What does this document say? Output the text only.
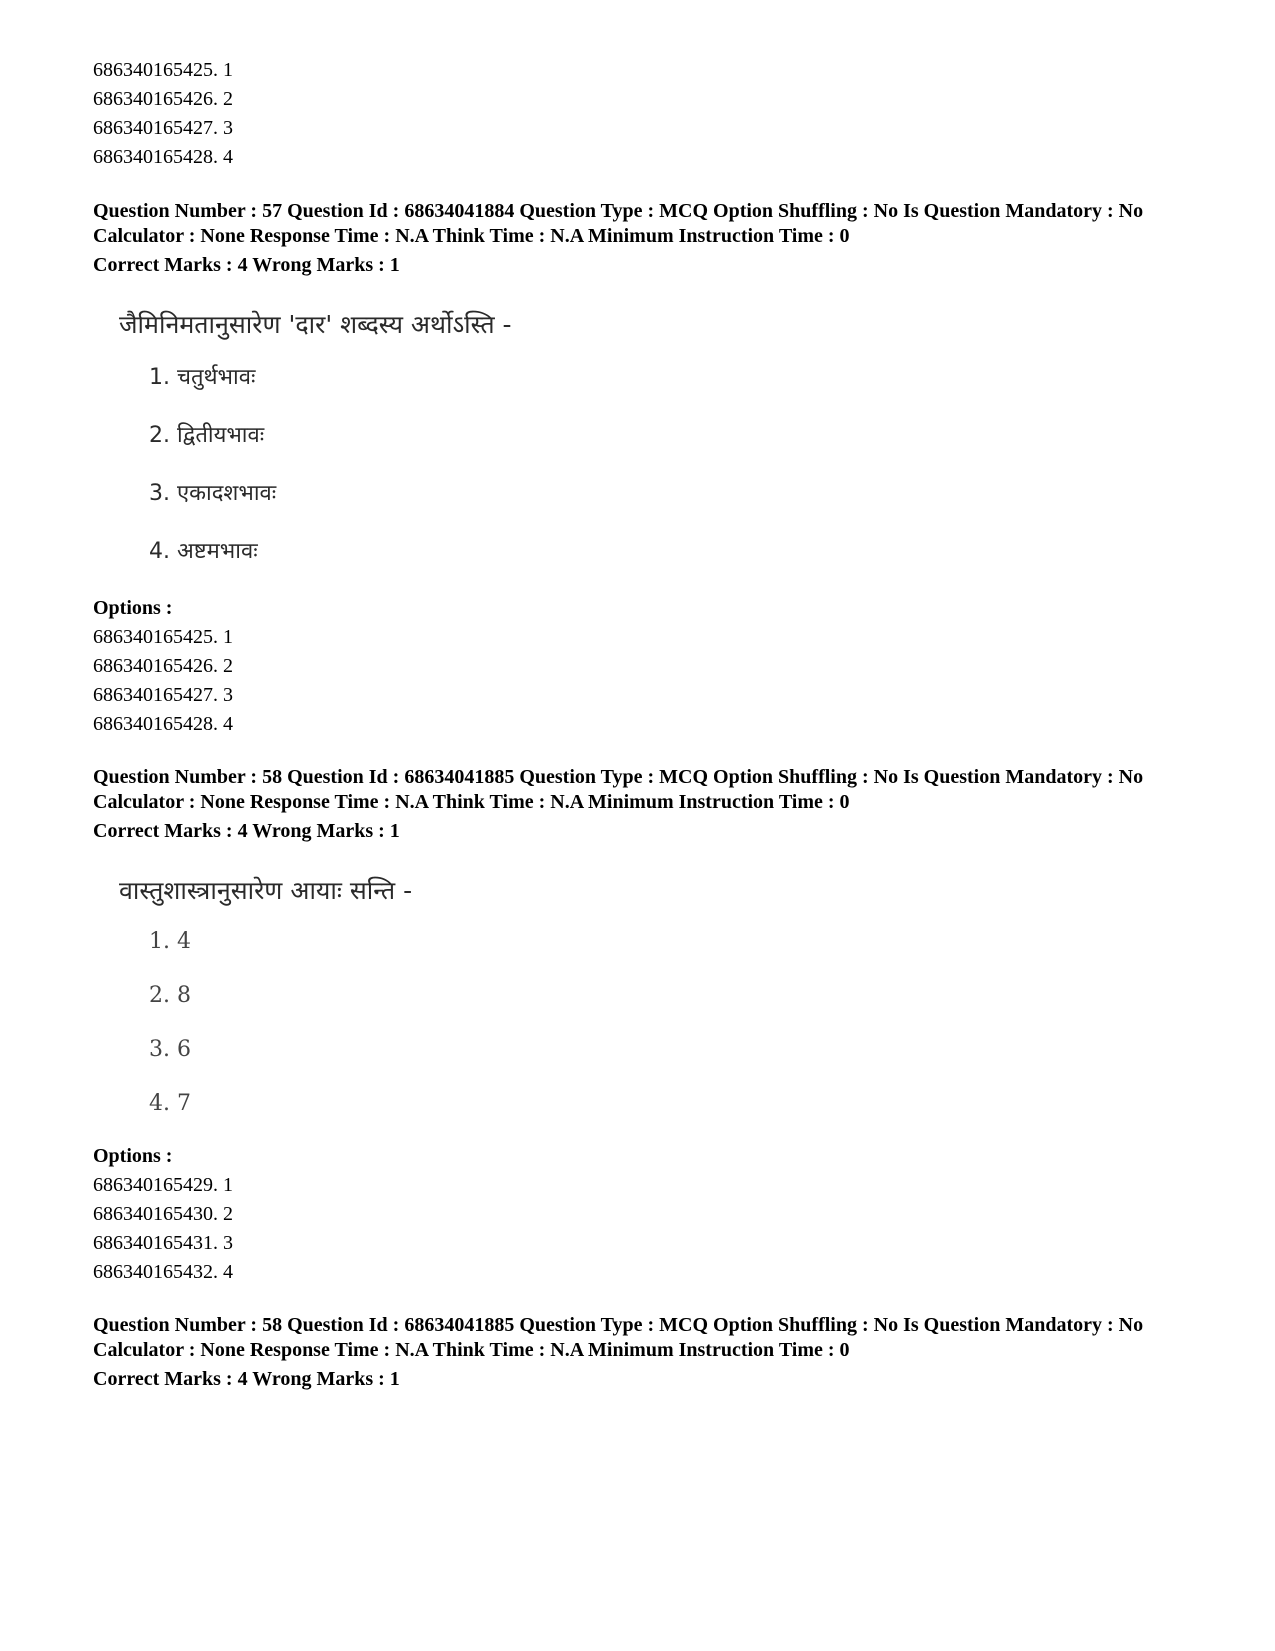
686340165425. 1
686340165426. 2
686340165427. 3
686340165428. 4
Question Number : 57 Question Id : 68634041884 Question Type : MCQ Option Shuffling : No Is Question Mandatory : No Calculator : None Response Time : N.A Think Time : N.A Minimum Instruction Time : 0
Correct Marks : 4 Wrong Marks : 1
जैमिनिमतानुसारेण 'दार' शब्दस्य अर्थोऽस्ति -
1. चतुर्थभावः
2. द्वितीयभावः
3. एकादशभावः
4. अष्टमभावः
Options :
686340165425. 1
686340165426. 2
686340165427. 3
686340165428. 4
Question Number : 58 Question Id : 68634041885 Question Type : MCQ Option Shuffling : No Is Question Mandatory : No Calculator : None Response Time : N.A Think Time : N.A Minimum Instruction Time : 0
Correct Marks : 4 Wrong Marks : 1
वास्तुशास्त्रानुसारेण आयाः सन्ति -
1. 4
2. 8
3. 6
4. 7
Options :
686340165429. 1
686340165430. 2
686340165431. 3
686340165432. 4
Question Number : 58 Question Id : 68634041885 Question Type : MCQ Option Shuffling : No Is Question Mandatory : No Calculator : None Response Time : N.A Think Time : N.A Minimum Instruction Time : 0
Correct Marks : 4 Wrong Marks : 1
